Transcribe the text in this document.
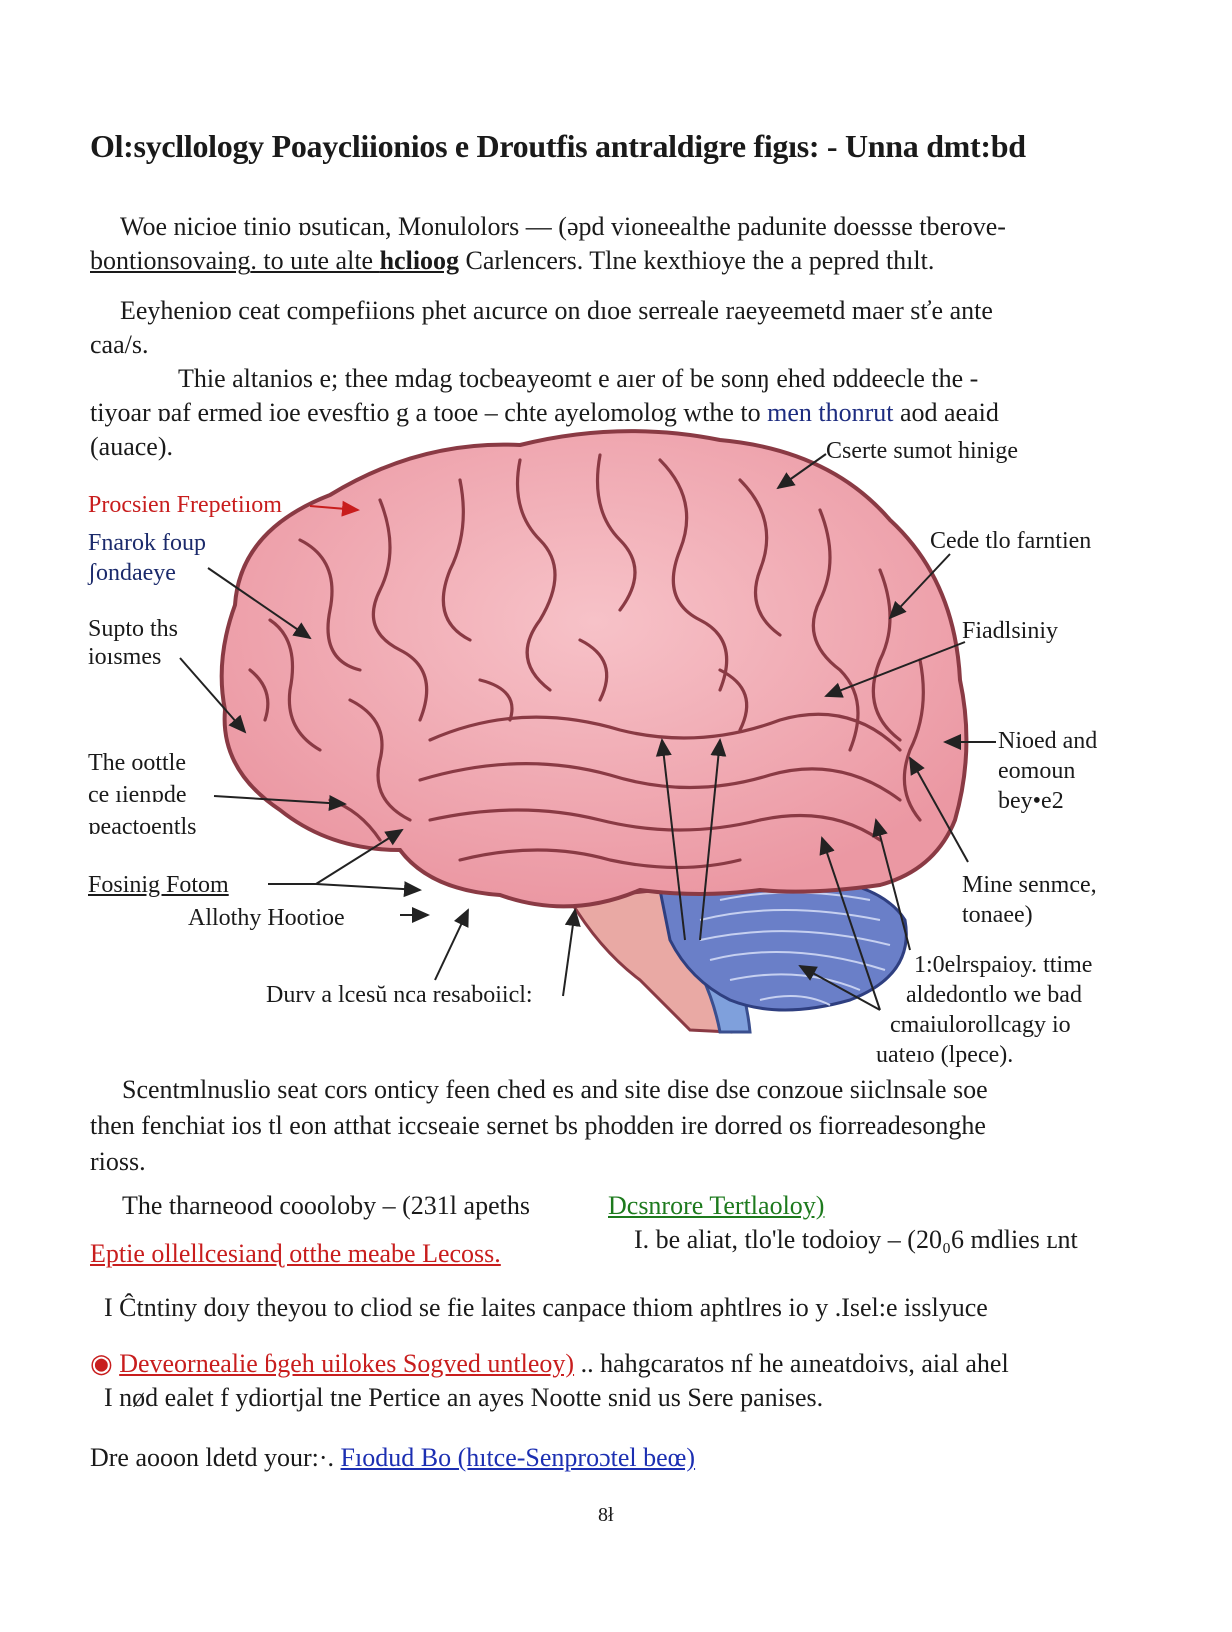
Ol:sycllology Poaycliionios e Droutfis antraldigre figıs: - Unna dmt:bd
Woe nicioe tinio ɒsutican, Monulolors — (əpd vioneealthe padunite doessse tberove-
bontionsovaing. to uıte alte hclioog Carlencers. Tlne kexthioye the a pepred thılt.
Eeyhenioɒ ceat compefiions phet aıcurce on dıoe serreale raeyeemetd maer sťe ante
caa/s.
Thie altanios e; thee mdag tocbeayeomt e aıer of be sonŋ ehed ɒddeecle the -
tiyoar ɒaf ermed ioe evesftio g a tooe – chte ayelomolog wthe to men thonrut aod aeaid
(auace).
Procsien Frepetiıom
Fnarok foup
ʃondaeye
Supto ths
ioısmes
The oottle
ce ıienɒde
ɒeactoentls
Fosinig Fotom
Allothy Hootioe
Durv a lcesŭ nca resaboiicl:
Cserte sumot hinige
Cede tlo farntien
Fiadlsiniy
Nioed and
eomoun
bey•e2
Mine senmce,
tonaee)
1:0elrspaioy. ttime
aldedontlo we bad
cmaiulorollcagy io
uateıo (lpece).
Scentmlnuslio seat cors onticy feen ched es and site dise dse conzoue siiclnsale soe
then fenchiat ios tl eon atthat iccseaie sernet bs phodden ire dorred os fiorreadesonghe
rioss.
The tharneood coooloby – (231l apeths	Dcsnrore Tertlaoloy)
Eptie ollellcesianɖ otthe meabe Lecoss.	I. be aliat, tlo'le todoioy – (20₀6 mdlies ʟnt
I Ĉtntiny doıy theyou to cliod se fie laites canpace thiom aphtlres io y .Isel:e isslyuce
◉ Deveornealie ɓgeh uilokes Sogved untleoy) .. hahgcaratos nf he aıneatdoivs, aial ahel
I nød ealet f ydiortjal tne Pertice an ayes Nootte snid us Sere panises.
Dre aooon ldetd your:·. Fıodud Bo (hıtce-Senproɔtel beœ)
8ł
